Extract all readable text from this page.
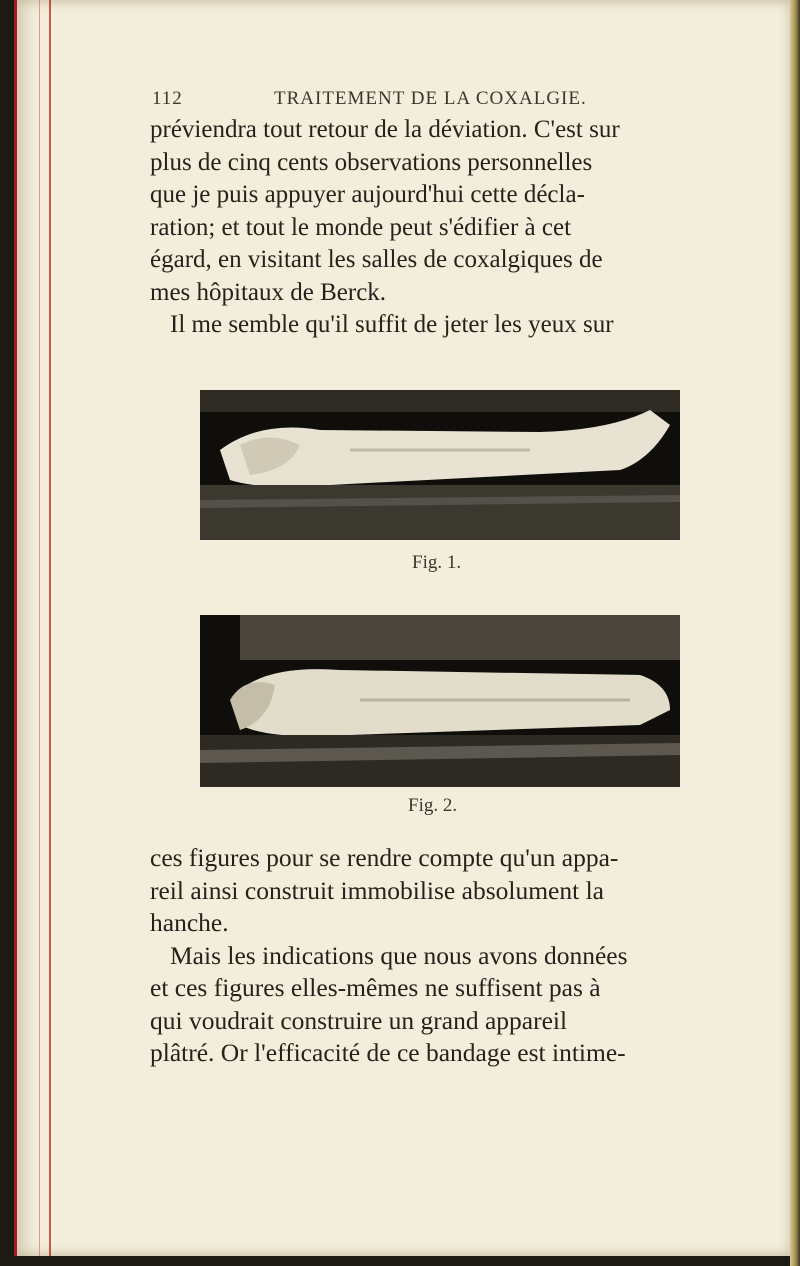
112	TRAITEMENT DE LA COXALGIE.
préviendra tout retour de la déviation. C'est sur
plus de cinq cents observations personnelles
que je puis appuyer aujourd'hui cette décla-
ration; et tout le monde peut s'édifier à cet
égard, en visitant les salles de coxalgiques de
mes hôpitaux de Berck.
Il me semble qu'il suffit de jeter les yeux sur
Fig. 1.
Fig. 2.
ces figures pour se rendre compte qu'un appa-
reil ainsi construit immobilise absolument la
hanche.
Mais les indications que nous avons données
et ces figures elles-mêmes ne suffisent pas à
qui voudrait construire un grand appareil
plâtré. Or l'efficacité de ce bandage est intime-
